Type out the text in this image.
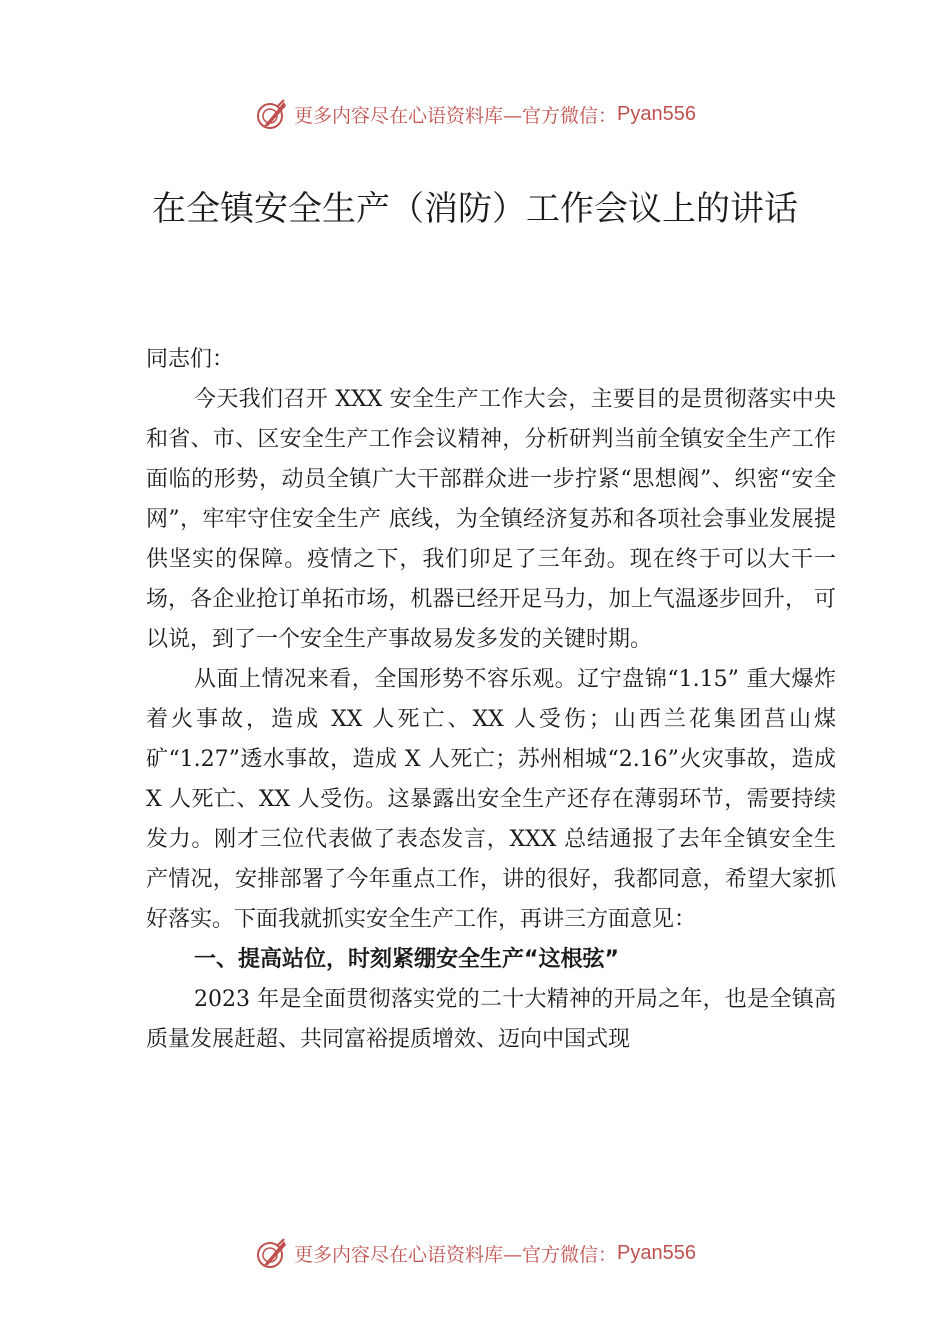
更多内容尽在心语资料库—官方微信： Pyan556
在全镇安全生产（消防）工作会议上的讲话

同志们：

今天我们召开 XXX 安全生产工作大会，主要目的是贯彻落实中央和省、市、区安全生产工作会议精神，分析研判当前全镇安全生产工作面临的形势，动员全镇广大干部群众进一步拧紧“思想阀”、织密“安全网”，牢牢守住安全生产 底线，为全镇经济复苏和各项社会事业发展提供坚实的保障。疫情之下，我们卯足了三年劲。现在终于可以大干一场，各企业抢订单拓市场，机器已经开足马力，加上气温逐步回升， 可以说，到了一个安全生产事故易发多发的关键时期。

从面上情况来看，全国形势不容乐观。辽宁盘锦“1.15” 重大爆炸着火事故，造成 XX 人死亡、XX 人受伤；山西兰花集团莒山煤矿“1.27”透水事故，造成 X 人死亡；苏州相城“2.16”火灾事故，造成 X 人死亡、XX 人受伤。这暴露出安全生产还存在薄弱环节，需要持续发力。刚才三位代表做了表态发言，XXX 总结通报了去年全镇安全生产情况，安排部署了今年重点工作，讲的很好，我都同意，希望大家抓好落实。下面我就抓实安全生产工作，再讲三方面意见：

一、提高站位，时刻紧绷安全生产“这根弦”

2023 年是全面贯彻落实党的二十大精神的开局之年，也是全镇高质量发展赶超、共同富裕提质增效、迈向中国式现

更多内容尽在心语资料库—官方微信： Pyan556
